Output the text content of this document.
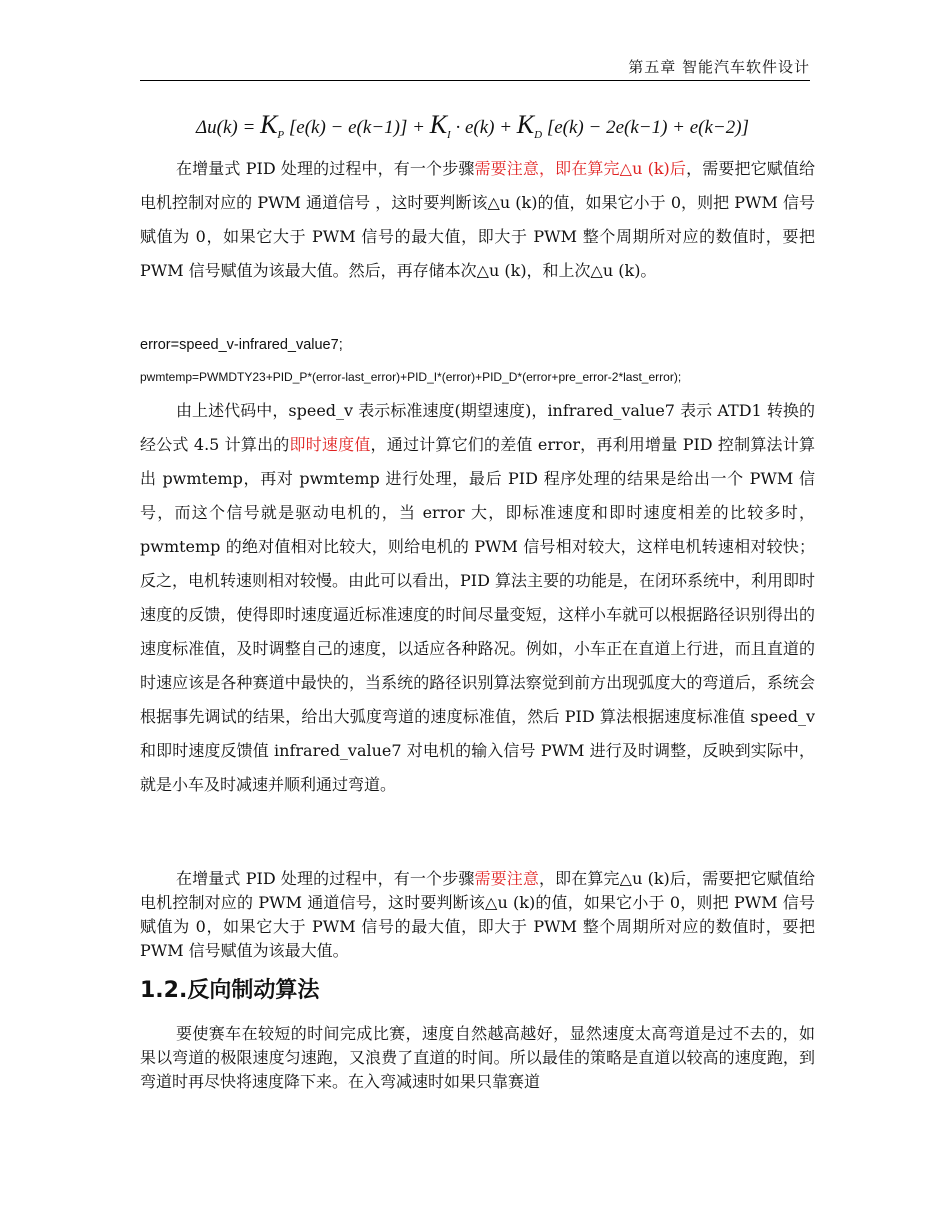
第五章 智能汽车软件设计
$\Delta u(k) = K_P$ $[e(k) - e(k-1)] + K_I \cdot e(k) + K_D$ [e(k) − 2e(k−1) + e(k−2)]

在增量式 PID 处理的过程中，有一个步骤需要注意，即在算完△u (k)后，需要把它赋值给电机控制对应的 PWM 通道信号 ，这时要判断该△u (k)的值，如果它小于 0，则把 PWM 信号赋值为 0，如果它大于 PWM 信号的最大值，即大于 PWM 整个周期所对应的数值时，要把 PWM 信号赋值为该最大值。然后，再存储本次△u (k)，和上次△u (k)。

error=speed_v-infrared_value7;
pwmtemp=PWMDTY23+PID_P*(error-last_error)+PID_I*(error)+PID_D*(error+pre_error-2*last_error);

由上述代码中，speed_v 表示标准速度(期望速度)，infrared_value7 表示 ATD1 转换的经公式 4.5 计算出的即时速度值，通过计算它们的差值 error，再利用增量 PID 控制算法计算出 pwmtemp，再对 pwmtemp 进行处理，最后 PID 程序处理的结果是给出一个 PWM 信号，而这个信号就是驱动电机的，当 error 大，即标准速度和即时速度相差的比较多时，pwmtemp 的绝对值相对比较大，则给电机的 PWM 信号相对较大，这样电机转速相对较快；反之，电机转速则相对较慢。由此可以看出，PID 算法主要的功能是，在闭环系统中，利用即时速度的反馈，使得即时速度逼近标准速度的时间尽量变短，这样小车就可以根据路径识别得出的速度标准值，及时调整自己的速度，以适应各种路况。例如，小车正在直道上行进，而且直道的时速应该是各种赛道中最快的，当系统的路径识别算法察觉到前方出现弧度大的弯道后，系统会根据事先调试的结果，给出大弧度弯道的速度标准值，然后 PID 算法根据速度标准值 speed_v 和即时速度反馈值 infrared_value7 对电机的输入信号 PWM 进行及时调整，反映到实际中，就是小车及时减速并顺利通过弯道。

在增量式 PID 处理的过程中，有一个步骤需要注意，即在算完△u (k)后，需要把它赋值给电机控制对应的 PWM 通道信号，这时要判断该△u (k)的值，如果它小于 0，则把 PWM 信号赋值为 0，如果它大于 PWM 信号的最大值，即大于 PWM 整个周期所对应的数值时，要把 PWM 信号赋值为该最大值。

1.2.反向制动算法

要使赛车在较短的时间完成比赛，速度自然越高越好，显然速度太高弯道是过不去的，如果以弯道的极限速度匀速跑，又浪费了直道的时间。所以最佳的策略是直道以较高的速度跑，到弯道时再尽快将速度降下来。在入弯减速时如果只靠赛道
